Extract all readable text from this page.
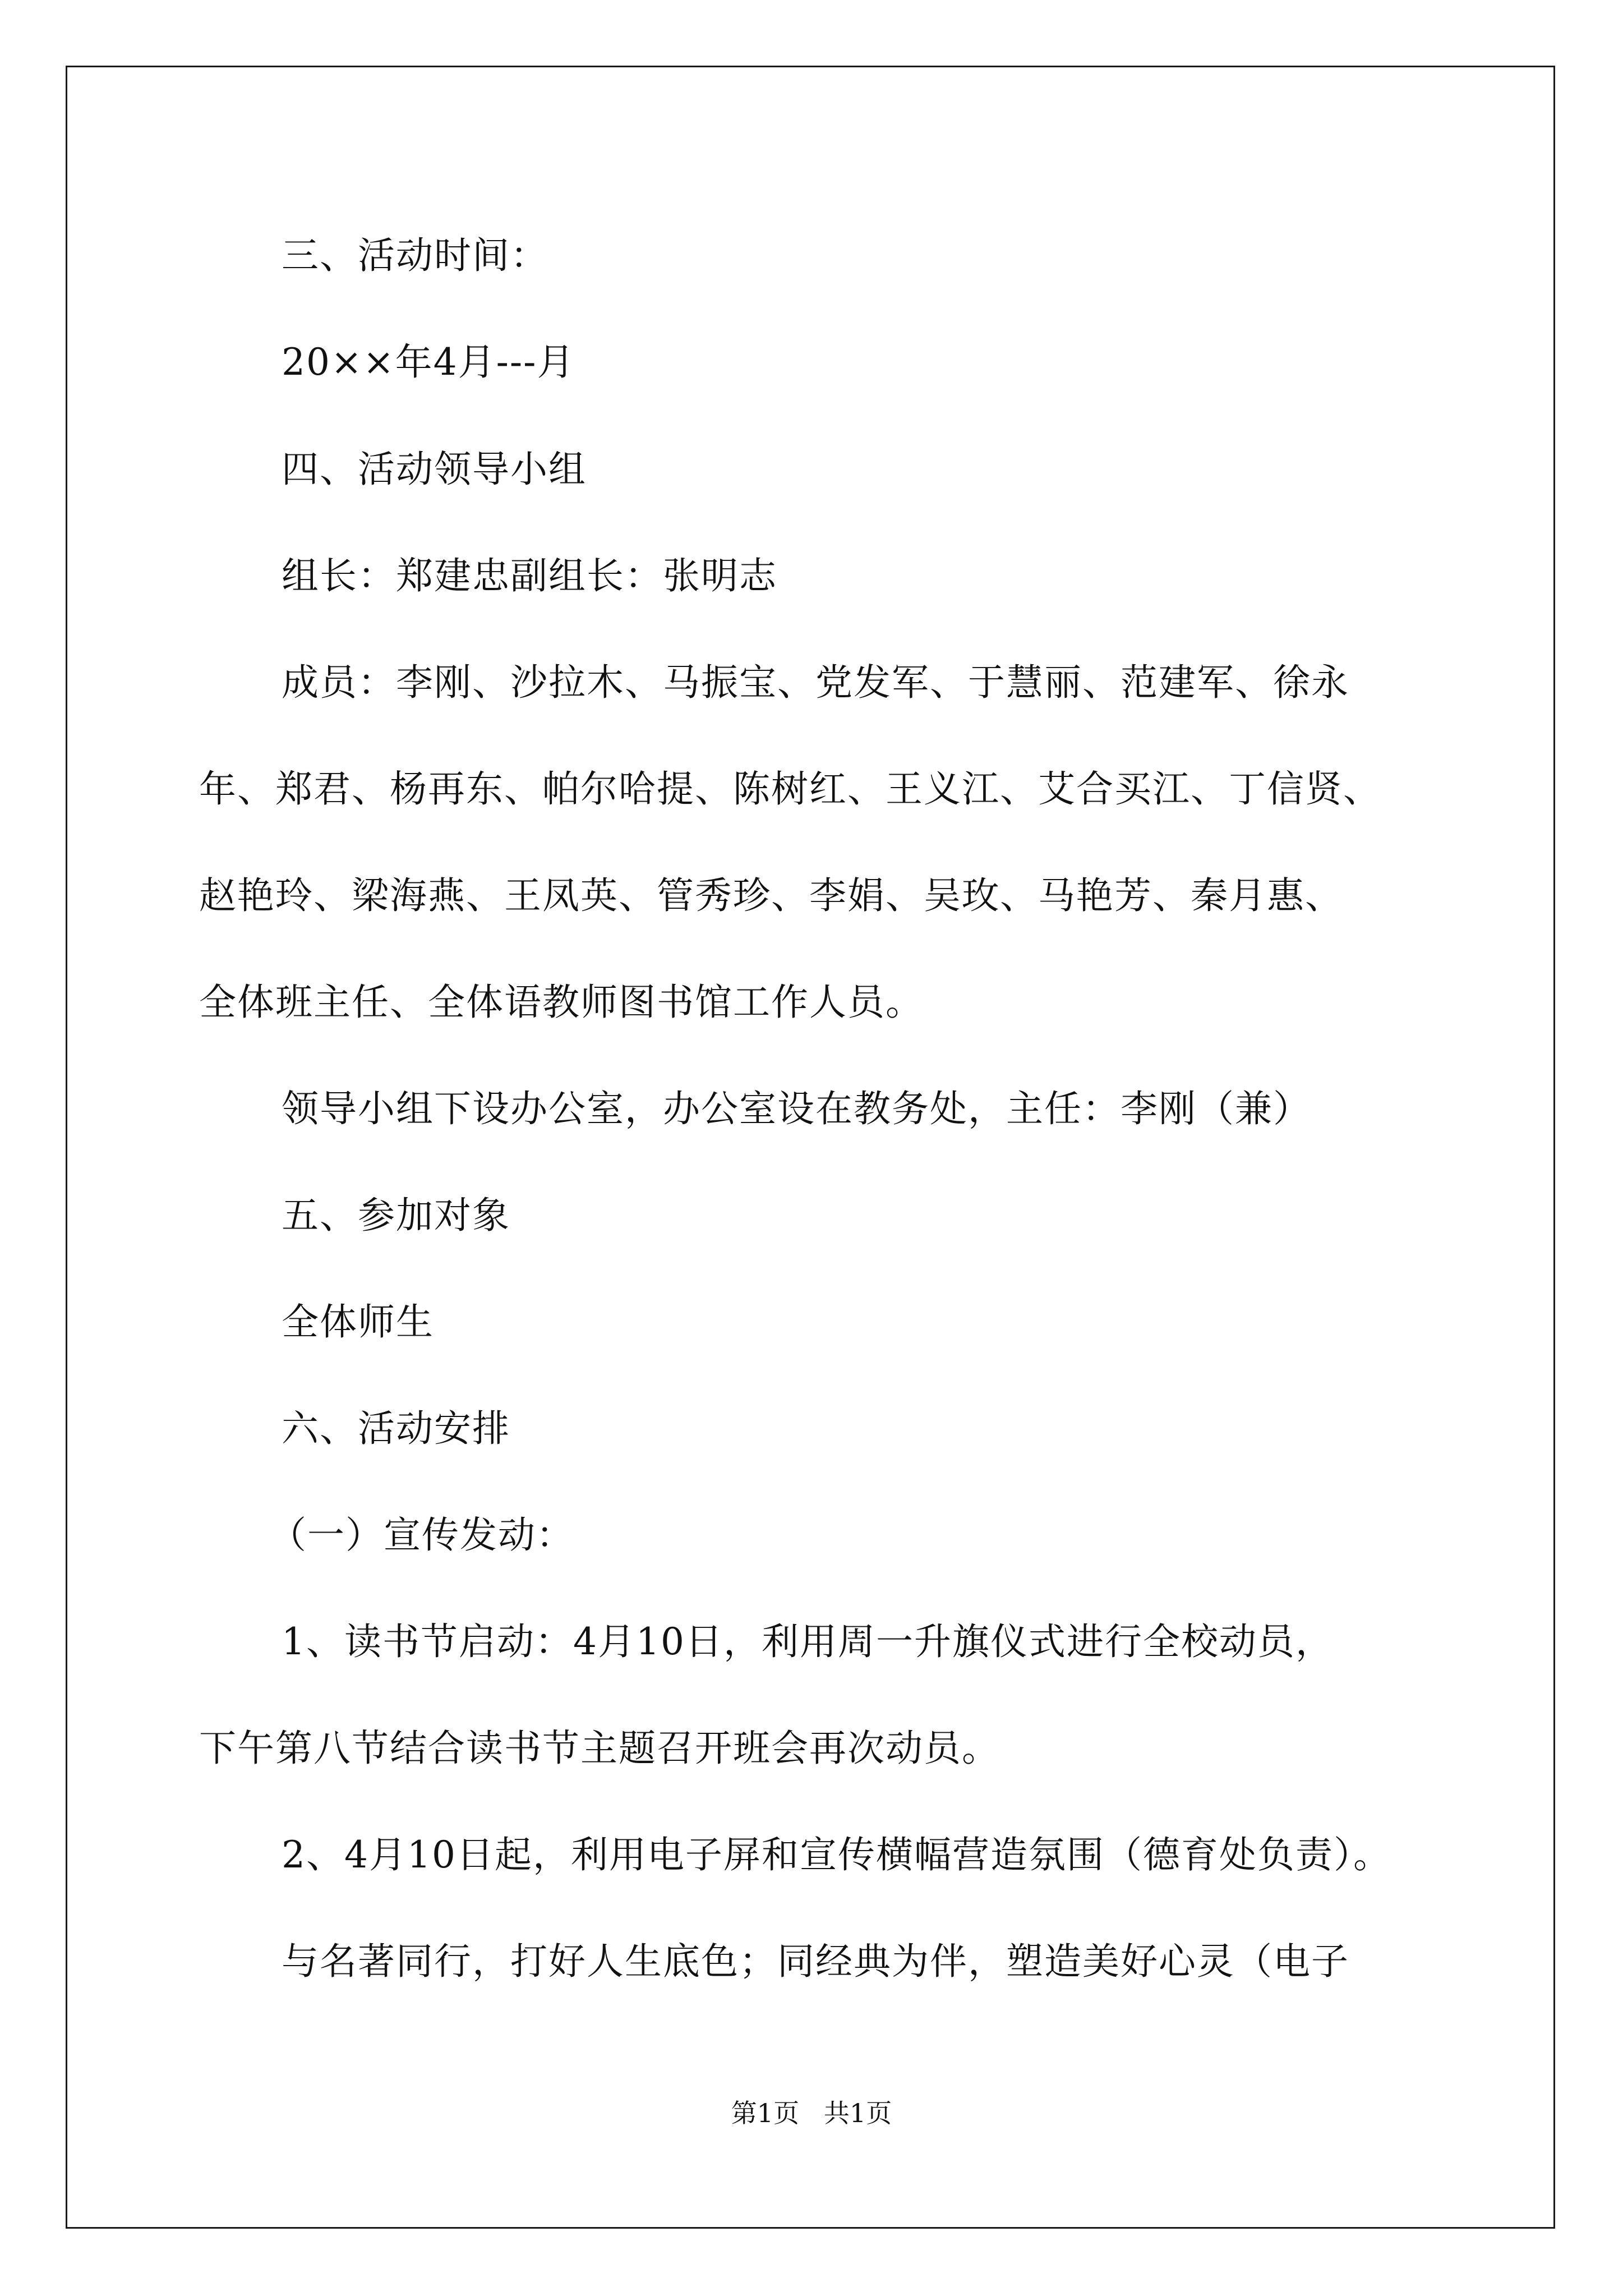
三、活动时间：

20××年4月---月

四、活动领导小组

组长：郑建忠副组长：张明志

成员：李刚、沙拉木、马振宝、党发军、于慧丽、范建军、徐永

年、郑君、杨再东、帕尔哈提、陈树红、王义江、艾合买江、丁信贤、

赵艳玲、梁海燕、王凤英、管秀珍、李娟、吴玫、马艳芳、秦月惠、

全体班主任、全体语教师图书馆工作人员。

领导小组下设办公室，办公室设在教务处，主任：李刚（兼）

五、参加对象

全体师生

六、活动安排

（一）宣传发动：

1、读书节启动：4月10日，利用周一升旗仪式进行全校动员，

下午第八节结合读书节主题召开班会再次动员。

2、4月10日起，利用电子屏和宣传横幅营造氛围（德育处负责）。

与名著同行，打好人生底色；同经典为伴，塑造美好心灵（电子

第1页   共1页
